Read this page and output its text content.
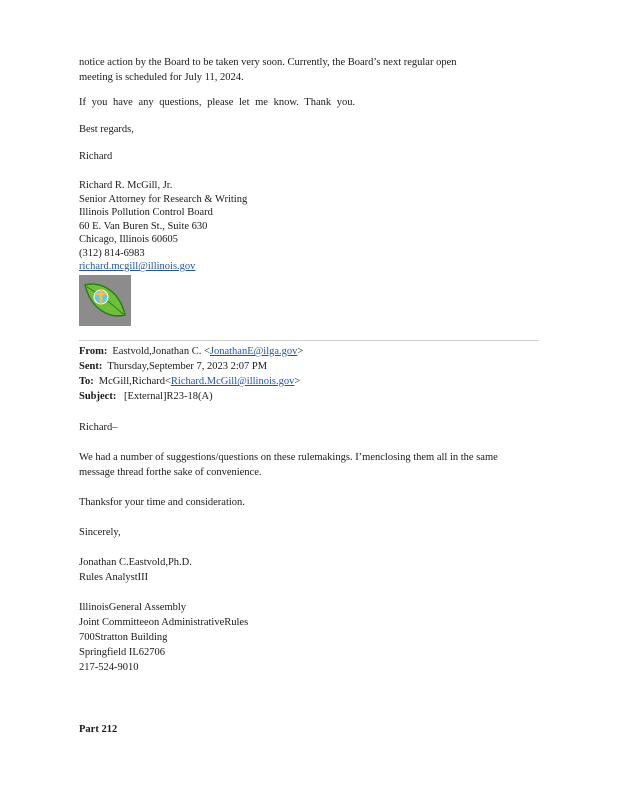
notice action by the Board to be taken very soon. Currently, the Board’s next regular open
meeting is scheduled for July 11, 2024.

If you have any questions, please let me know. Thank you.

Best regards,

Richard

Richard R. McGill, Jr.
Senior Attorney for Research & Writing
Illinois Pollution Control Board
60 E. Van Buren St., Suite 630
Chicago, Illinois 60605
(312) 814-6983
richard.mcgill@illinois.gov
From: Eastvold,Jonathan C. <JonathanE@ilga.gov>
Sent: Thursday,September 7, 2023 2:07 PM
To: McGill,Richard<Richard.McGill@illinois.gov>
Subject: [External]R23-18(A)

Richard–

We had a number of suggestions/questions on these rulemakings. I’menclosing them all in the same
message thread forthe sake of convenience.

Thanksfor your time and consideration.

Sincerely,

Jonathan C.Eastvold,Ph.D.
Rules AnalystIII
IllinoisGeneral Assembly
Joint Committeeon AdministrativeRules
700Stratton Building
Springfield IL62706
217-524-9010

Part 212
